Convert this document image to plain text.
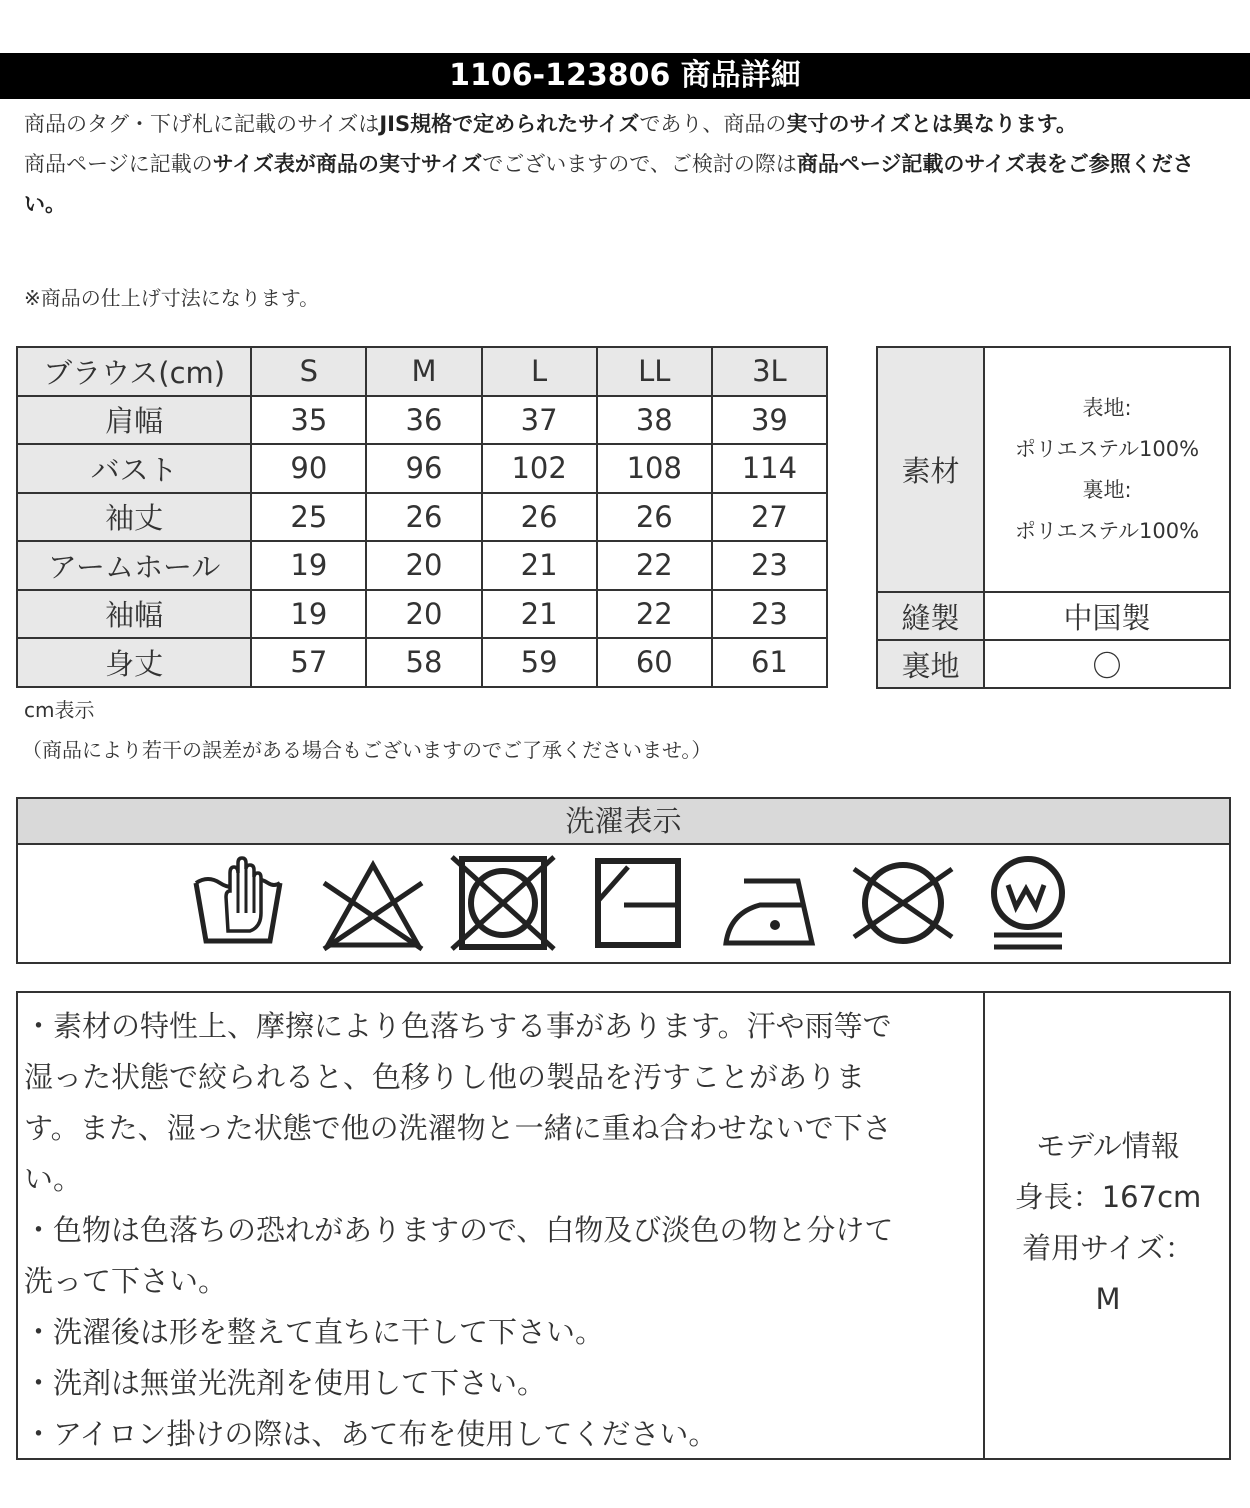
1106-123806 商品詳細
商品のタグ・下げ札に記載のサイズはJIS規格で定められたサイズであり、商品の実寸のサイズとは異なります。
商品ページに記載のサイズ表が商品の実寸サイズでございますので、ご検討の際は商品ページ記載のサイズ表をご参照ください。
※商品の仕上げ寸法になります。
ブラウス(cm)	S	M	L	LL	3L
肩幅	35	36	37	38	39
バスト	90	96	102	108	114
袖丈	25	26	26	26	27
アームホール	19	20	21	22	23
袖幅	19	20	21	22	23
身丈	57	58	59	60	61
素材	表地:
ポリエステル100%
裏地:
ポリエステル100%

縫製	中国製
裏地	〇
cm表示
（商品により若干の誤差がある場合もございますのでご了承くださいませ。）
洗濯表示

・素材の特性上、摩擦により色落ちする事があります。汗や雨等で

湿った状態で絞られると、色移りし他の製品を汚すことがありま

す。また、湿った状態で他の洗濯物と一緒に重ね合わせないで下さ

い。

・色物は色落ちの恐れがありますので、白物及び淡色の物と分けて

洗って下さい。

・洗濯後は形を整えて直ちに干して下さい。

・洗剤は無蛍光洗剤を使用して下さい。

・アイロン掛けの際は、あて布を使用してください。

モデル情報
身長：167cm
着用サイズ：
M
